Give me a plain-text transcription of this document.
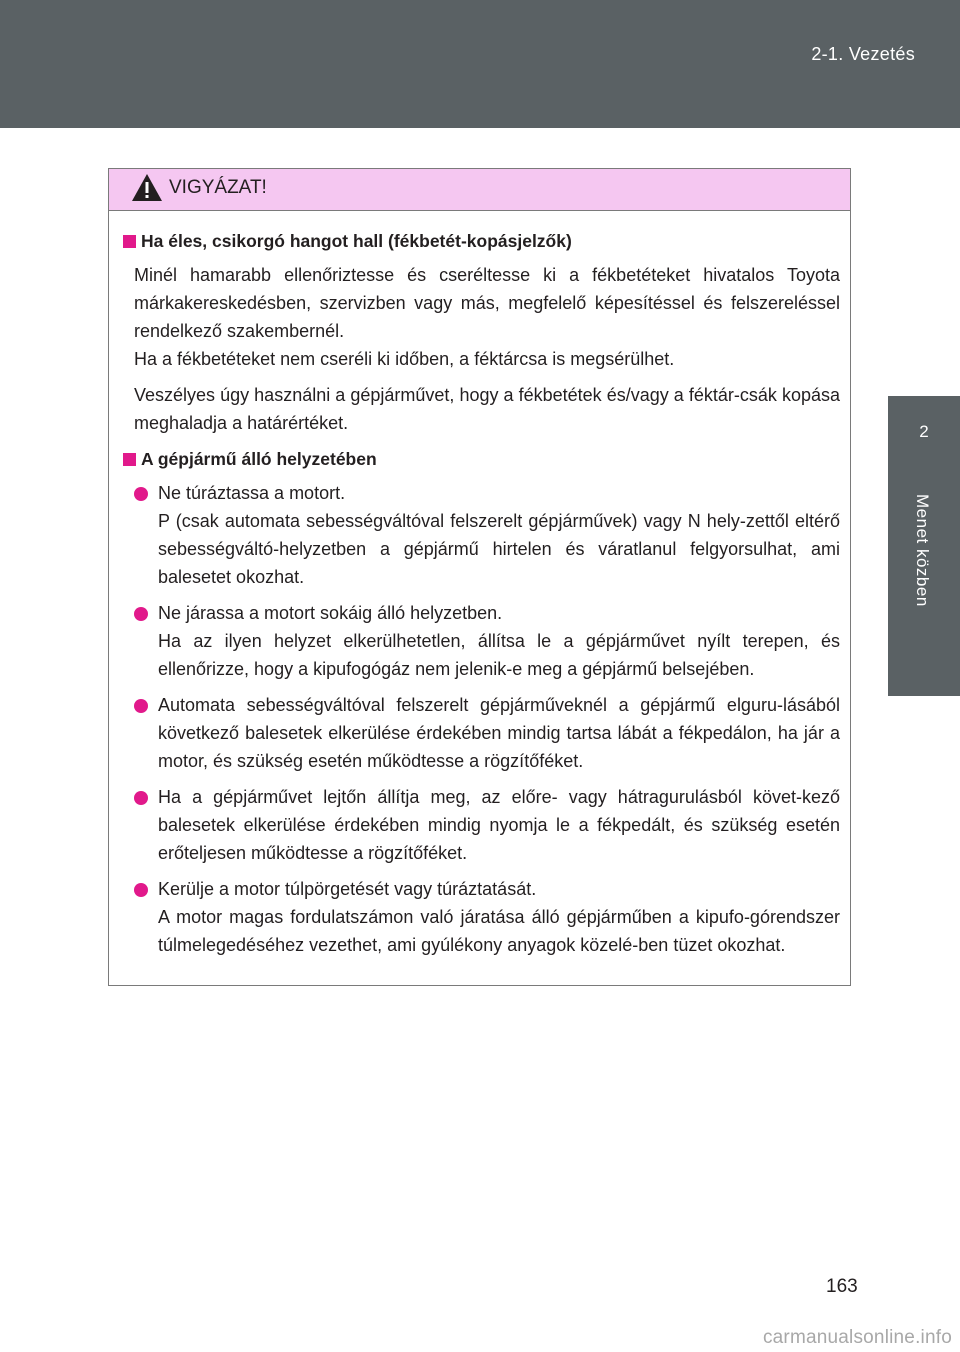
2-1. Vezetés
2
Menet közben
VIGYÁZAT!
Ha éles, csikorgó hangot hall (fékbetét-kopásjelzők)
Minél hamarabb ellenőriztesse és cseréltesse ki a fékbetéteket hivatalos Toyota márkakereskedésben, szervizben vagy más, megfelelő képesítéssel és felszereléssel rendelkező szakembernél.
Ha a fékbetéteket nem cseréli ki időben, a féktárcsa is megsérülhet.
Veszélyes úgy használni a gépjárművet, hogy a fékbetétek és/vagy a féktár-csák kopása meghaladja a határértéket.
A gépjármű álló helyzetében
Ne túráztassa a motort.
P (csak automata sebességváltóval felszerelt gépjárművek) vagy N hely-zettől eltérő sebességváltó-helyzetben a gépjármű hirtelen és váratlanul felgyorsulhat, ami balesetet okozhat.
Ne járassa a motort sokáig álló helyzetben.
Ha az ilyen helyzet elkerülhetetlen, állítsa le a gépjárművet nyílt terepen, és ellenőrizze, hogy a kipufogógáz nem jelenik-e meg a gépjármű belsejében.
Automata sebességváltóval felszerelt gépjárműveknél a gépjármű elguru-lásából következő balesetek elkerülése érdekében mindig tartsa lábát a fékpedálon, ha jár a motor, és szükség esetén működtesse a rögzítőféket.
Ha a gépjárművet lejtőn állítja meg, az előre- vagy hátragurulásból követ-kező balesetek elkerülése érdekében mindig nyomja le a fékpedált, és szükség esetén erőteljesen működtesse a rögzítőféket.
Kerülje a motor túlpörgetését vagy túráztatását.
A motor magas fordulatszámon való járatása álló gépjárműben a kipufo-górendszer túlmelegedéséhez vezethet, ami gyúlékony anyagok közelé-ben tüzet okozhat.
163
carmanualsonline.info
